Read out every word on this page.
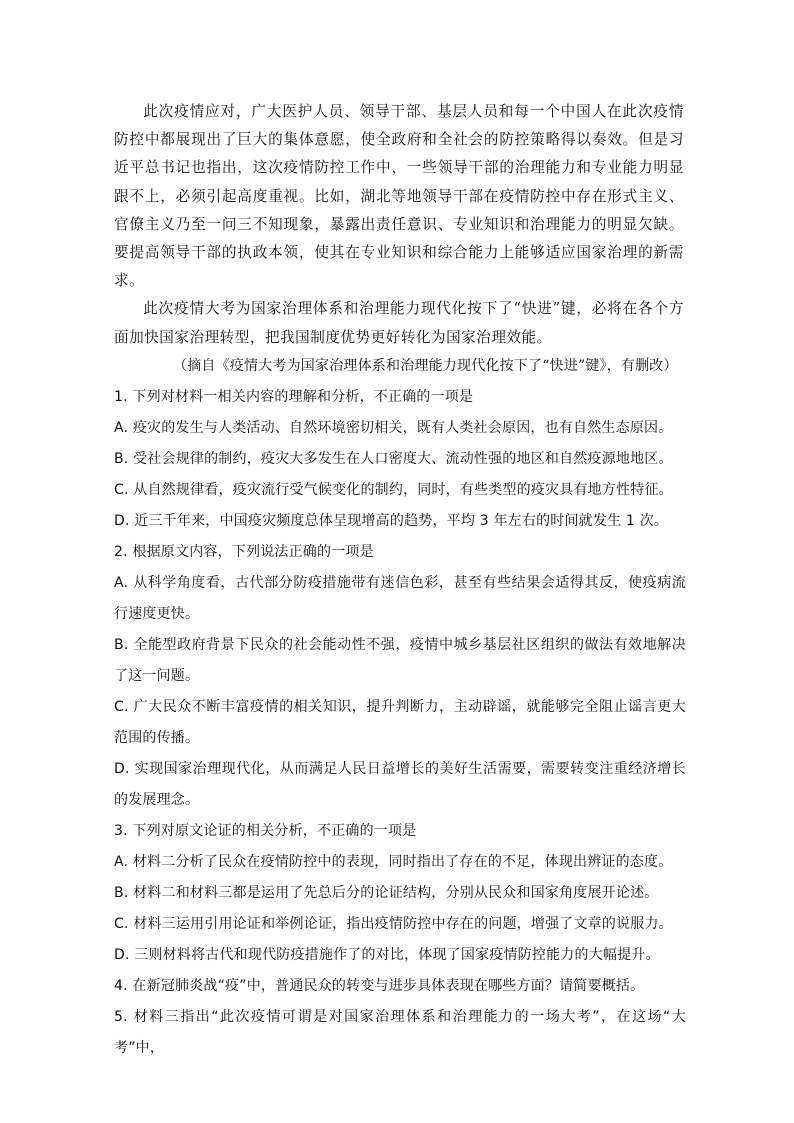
此次疫情应对，广大医护人员、领导干部、基层人员和每一个中国人在此次疫情防控中都展现出了巨大的集体意愿，使全政府和全社会的防控策略得以奏效。但是习近平总书记也指出，这次疫情防控工作中，一些领导干部的治理能力和专业能力明显跟不上，必须引起高度重视。比如，湖北等地领导干部在疫情防控中存在形式主义、官僚主义乃至一问三不知现象，暴露出责任意识、专业知识和治理能力的明显欠缺。要提高领导干部的执政本领，使其在专业知识和综合能力上能够适应国家治理的新需求。

此次疫情大考为国家治理体系和治理能力现代化按下了“快进”键，必将在各个方面加快国家治理转型，把我国制度优势更好转化为国家治理效能。

（摘自《疫情大考为国家治理体系和治理能力现代化按下了“快进”键》，有删改）

1. 下列对材料一相关内容的理解和分析，不正确的一项是

A. 疫灾的发生与人类活动、自然环境密切相关，既有人类社会原因，也有自然生态原因。

B. 受社会规律的制约，疫灾大多发生在人口密度大、流动性强的地区和自然疫源地地区。

C. 从自然规律看，疫灾流行受气候变化的制约，同时，有些类型的疫灾具有地方性特征。

D. 近三千年来，中国疫灾频度总体呈现增高的趋势，平均 3 年左右的时间就发生 1 次。

2. 根据原文内容，下列说法正确的一项是

A. 从科学角度看，古代部分防疫措施带有迷信色彩，甚至有些结果会适得其反，使疫病流行速度更快。

B. 全能型政府背景下民众的社会能动性不强，疫情中城乡基层社区组织的做法有效地解决了这一问题。

C. 广大民众不断丰富疫情的相关知识，提升判断力，主动辟谣，就能够完全阻止谣言更大范围的传播。

D. 实现国家治理现代化，从而满足人民日益增长的美好生活需要，需要转变注重经济增长的发展理念。

3. 下列对原文论证的相关分析，不正确的一项是

A. 材料二分析了民众在疫情防控中的表现，同时指出了存在的不足，体现出辨证的态度。

B. 材料二和材料三都是运用了先总后分的论证结构，分别从民众和国家角度展开论述。

C. 材料三运用引用论证和举例论证，指出疫情防控中存在的问题，增强了文章的说服力。

D. 三则材料将古代和现代防疫措施作了的对比，体现了国家疫情防控能力的大幅提升。

4. 在新冠肺炎战“疫”中，普通民众的转变与进步具体表现在哪些方面？请简要概括。

5. 材料三指出“此次疫情可谓是对国家治理体系和治理能力的一场大考”，在这场“大考”中，
